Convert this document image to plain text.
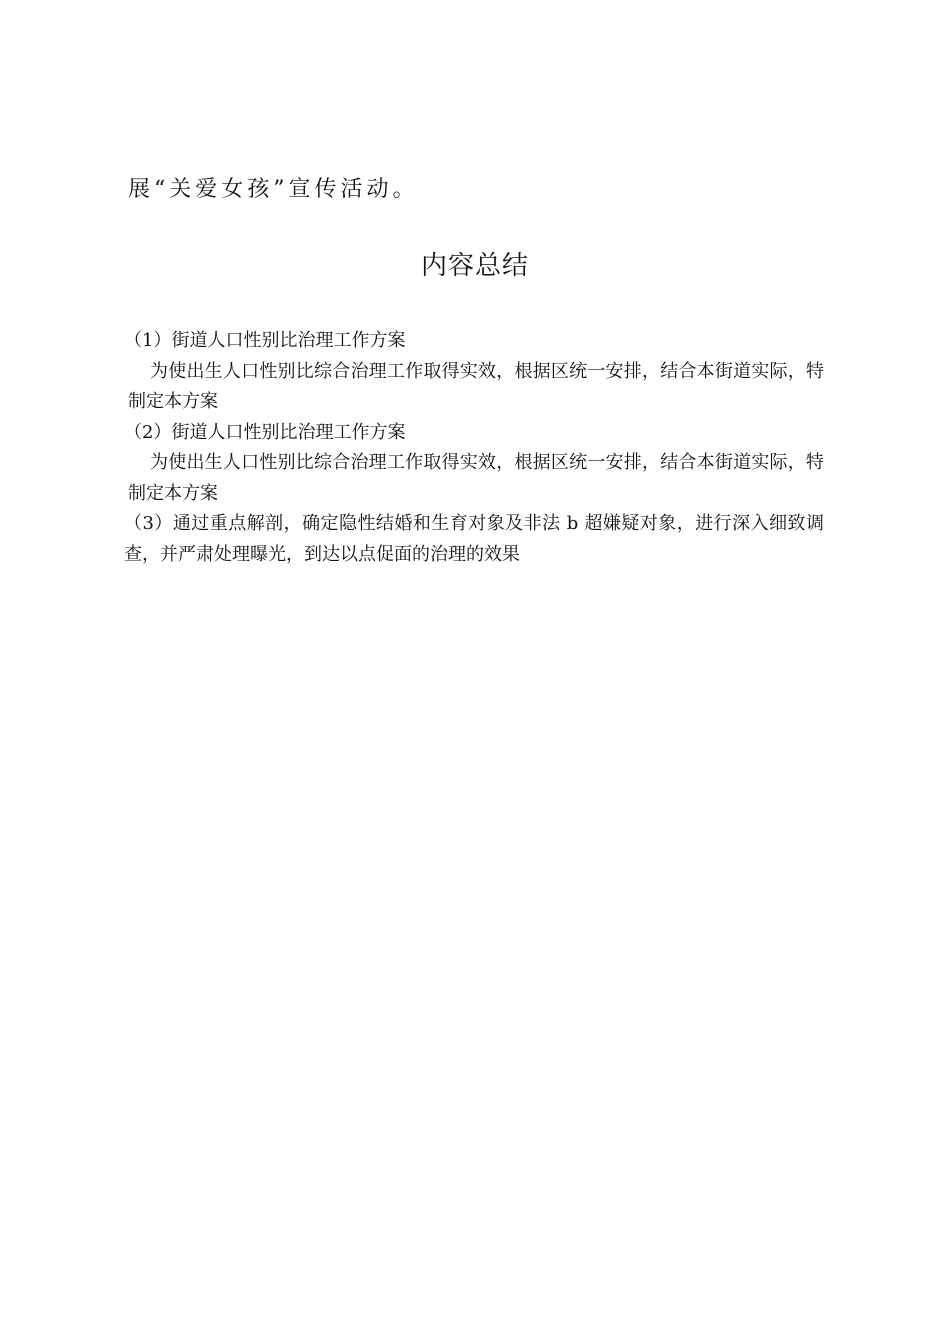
展“关爱女孩”宣传活动。
内容总结

（1）街道人口性别比治理工作方案

为使出生人口性别比综合治理工作取得实效，根据区统一安排，结合本街道实际，特制定本方案

（2）街道人口性别比治理工作方案

为使出生人口性别比综合治理工作取得实效，根据区统一安排，结合本街道实际，特制定本方案

（3）通过重点解剖，确定隐性结婚和生育对象及非法 b 超嫌疑对象，进行深入细致调查，并严肃处理曝光，到达以点促面的治理的效果
